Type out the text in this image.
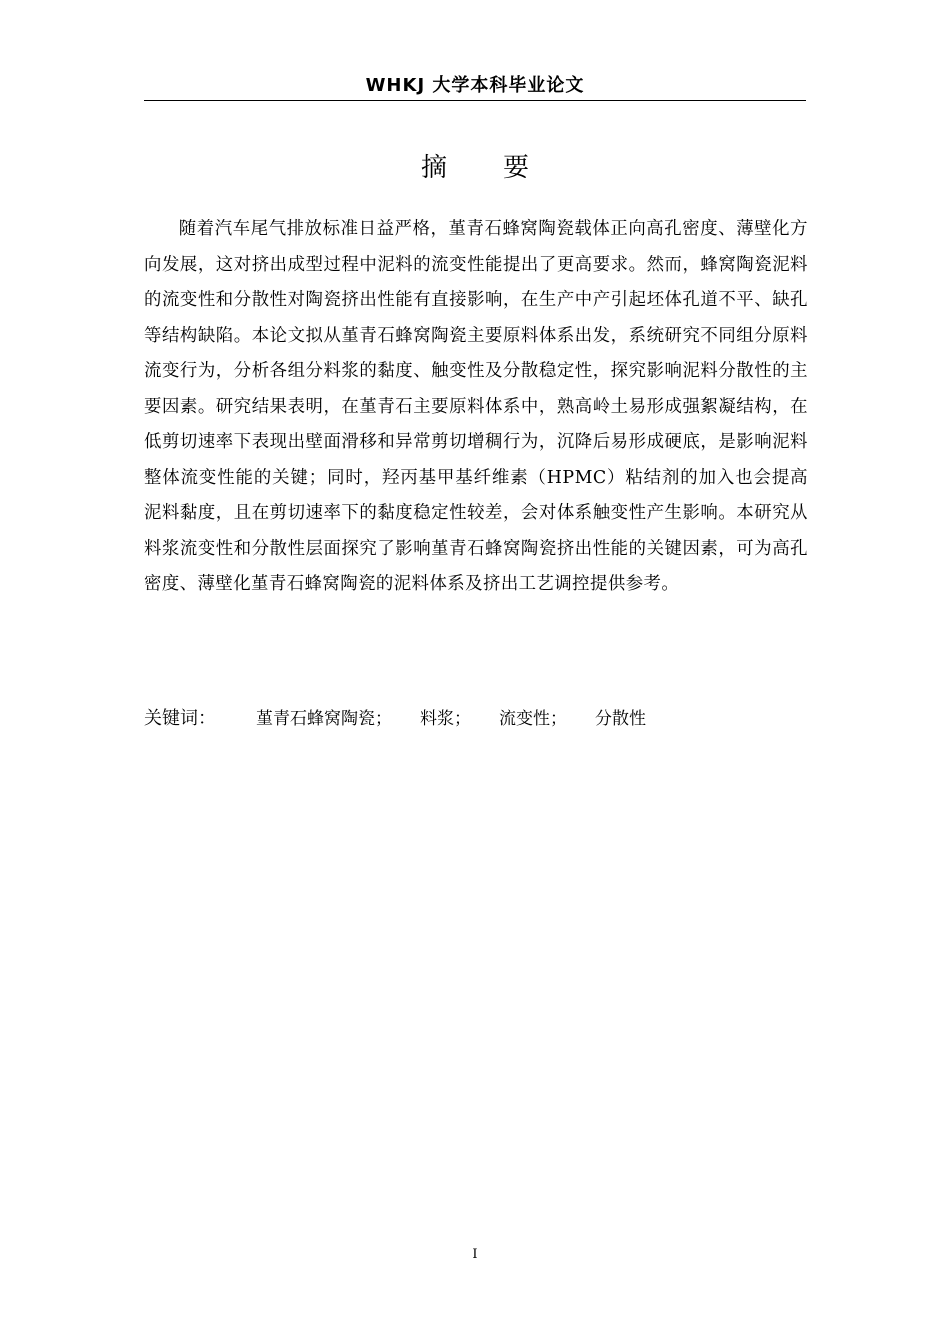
WHKJ 大学本科毕业论文
摘 要

随着汽车尾气排放标准日益严格，堇青石蜂窝陶瓷载体正向高孔密度、薄壁化方向发展，这对挤出成型过程中泥料的流变性能提出了更高要求。然而，蜂窝陶瓷泥料的流变性和分散性对陶瓷挤出性能有直接影响，在生产中产引起坯体孔道不平、缺孔等结构缺陷。本论文拟从堇青石蜂窝陶瓷主要原料体系出发，系统研究不同组分原料流变行为，分析各组分料浆的黏度、触变性及分散稳定性，探究影响泥料分散性的主要因素。研究结果表明，在堇青石主要原料体系中，熟高岭土易形成强絮凝结构，在低剪切速率下表现出壁面滑移和异常剪切增稠行为，沉降后易形成硬底，是影响泥料整体流变性能的关键；同时，羟丙基甲基纤维素（HPMC）粘结剂的加入也会提高泥料黏度，且在剪切速率下的黏度稳定性较差，会对体系触变性产生影响。本研究从料浆流变性和分散性层面探究了影响堇青石蜂窝陶瓷挤出性能的关键因素，可为高孔密度、薄壁化堇青石蜂窝陶瓷的泥料体系及挤出工艺调控提供参考。

关键词： 堇青石蜂窝陶瓷； 料浆； 流变性； 分散性
I
